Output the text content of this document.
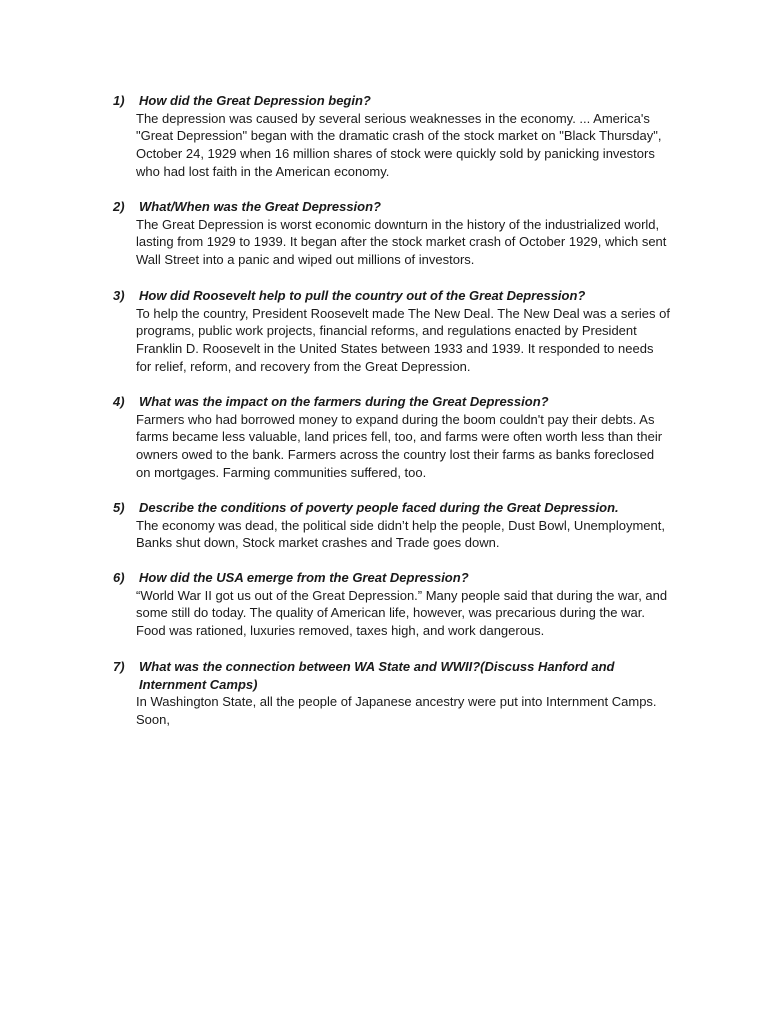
1)	How did the Great Depression begin?

The depression was caused by several serious weaknesses in the economy. ... America's "Great Depression" began with the dramatic crash of the stock market on "Black Thursday", October 24, 1929 when 16 million shares of stock were quickly sold by panicking investors who had lost faith in the American economy.

2)	What/When was the Great Depression?

The Great Depression is worst economic downturn in the history of the industrialized world, lasting from 1929 to 1939. It began after the stock market crash of October 1929, which sent Wall Street into a panic and wiped out millions of investors.

3)	How did Roosevelt help to pull the country out of the Great Depression?

To help the country, President Roosevelt made The New Deal. The New Deal was a series of programs, public work projects, financial reforms, and regulations enacted by President Franklin D. Roosevelt in the United States between 1933 and 1939. It responded to needs for relief, reform, and recovery from the Great Depression.

4)	What was the impact on the farmers during the Great Depression?

Farmers who had borrowed money to expand during the boom couldn't pay their debts. As farms became less valuable, land prices fell, too, and farms were often worth less than their owners owed to the bank. Farmers across the country lost their farms as banks foreclosed on mortgages. Farming communities suffered, too.

5)	Describe the conditions of poverty people faced during the Great Depression.

The economy was dead, the political side didn’t help the people, Dust Bowl, Unemployment, Banks shut down, Stock market crashes and Trade goes down.

6)	How did the USA emerge from the Great Depression?

“World War II got us out of the Great Depression.” Many people said that during the war, and some still do today. The quality of American life, however, was precarious during the war. Food was rationed, luxuries removed, taxes high, and work dangerous.

7)	What was the connection between WA State and WWII?(Discuss Hanford and Internment Camps)

In Washington State, all the people of Japanese ancestry were put into Internment Camps. Soon,
